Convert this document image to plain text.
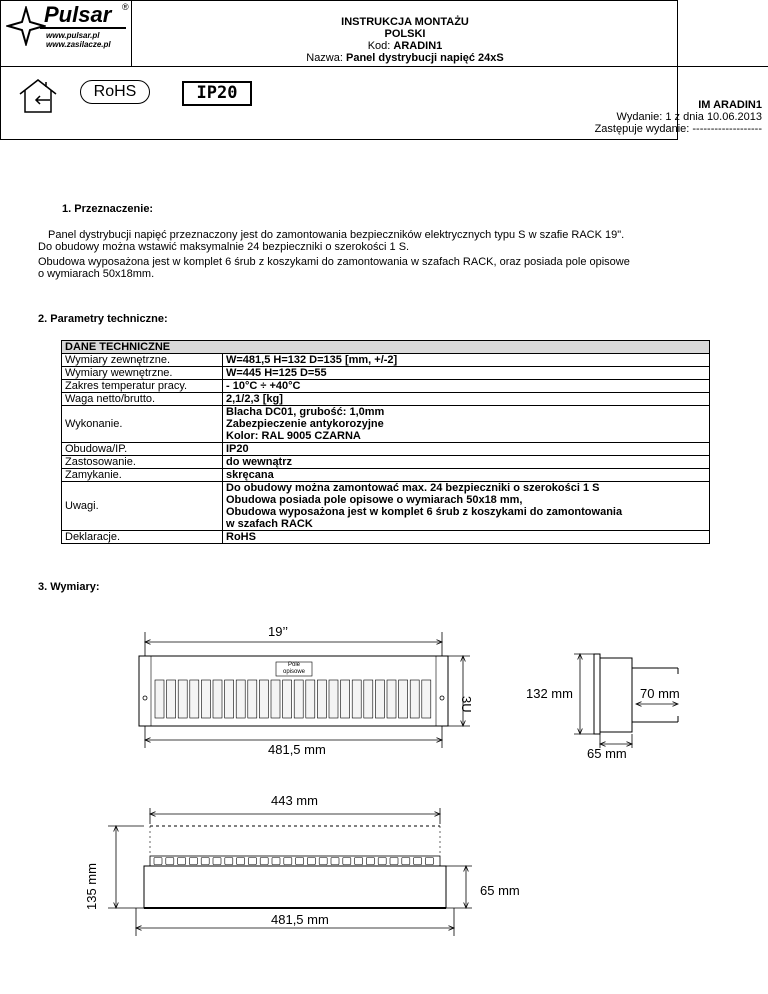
Pulsar ®
www.pulsar.pl
www.zasilacze.pl
INSTRUKCJA MONTAŻU
POLSKI
Kod: ARADIN1
Nazwa: Panel dystrybucji napięć 24xS
RoHS	IP20
IM ARADIN1
Wydanie: 1 z dnia 10.06.2013
Zastępuje wydanie: -------------------
1. Przeznaczenie:
Panel dystrybucji napięć przeznaczony jest do zamontowania bezpieczników elektrycznych typu S w szafie RACK 19".
Do obudowy można wstawić maksymalnie 24 bezpieczniki o szerokości 1 S.
Obudowa wyposażona jest w komplet 6 śrub z koszykami do zamontowania w szafach RACK, oraz posiada pole opisowe
o wymiarach 50x18mm.
2. Parametry techniczne:
DANE TECHNICZNE	
Wymiary zewnętrzne.	W=481,5 H=132 D=135 [mm, +/-2]
Wymiary wewnętrzne.	W=445 H=125 D=55
Zakres temperatur pracy.	- 10°C ÷ +40°C
Waga netto/brutto.	2,1/2,3 [kg]
Wykonanie.	Blacha DC01, grubość: 1,0mm
Zabezpieczenie antykorozyjne
Kolor: RAL 9005 CZARNA

Obudowa/IP.	IP20
Zastosowanie.	do wewnątrz
Zamykanie.	skręcana
Uwagi.	Do obudowy można zamontować max. 24 bezpieczniki o szerokości 1 S
Obudowa posiada pole opisowe o wymiarach 50x18 mm,
Obudowa wyposażona jest w komplet 6 śrub z koszykami do zamontowania
w szafach RACK

Deklaracje.	RoHS
3. Wymiary:
Pole
opisowe
19’’
481,5 mm
3U
132 mm	70 mm
65 mm
443 mm
481,5 mm
65 mm
135 mm
